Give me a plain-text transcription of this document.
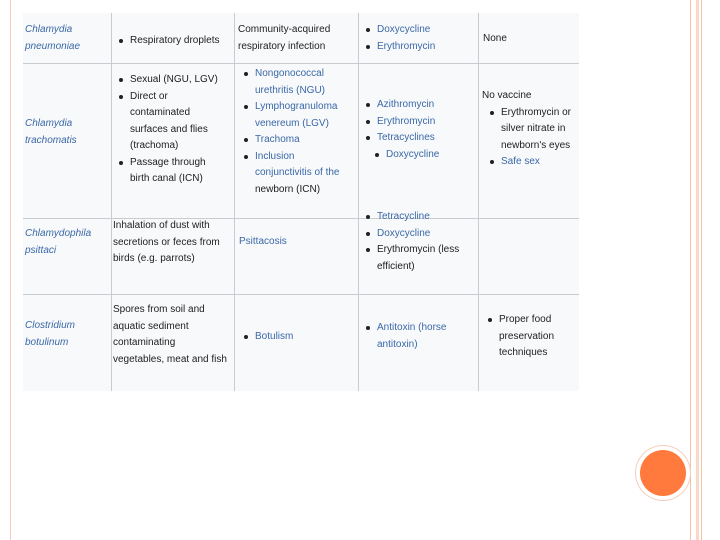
Chlamydia
pneumoniae	Respiratory droplets
Community-acquired
respiratory infection
Doxycycline
Erythromycin
None
Chlamydia
trachomatis
Sexual (NGU, LGV)
Direct or
contaminated
surfaces and flies
(trachoma)
Passage through
birth canal (ICN)
Nongonococcal
urethritis (NGU)
Lymphogranuloma
venereum (LGV)
Trachoma
Inclusion
conjunctivitis of the
newborn (ICN)
Azithromycin
Erythromycin
Tetracyclines
Doxycycline
No vaccine
Erythromycin or
silver nitrate in
newborn's eyes
Safe sex
Chlamydophila
psittaci
Inhalation of dust with
secretions or feces from
birds (e.g. parrots)
Psittacosis
Tetracycline
Doxycycline
Erythromycin (less
efficient)
Clostridium
botulinum
Spores from soil and
aquatic sediment
contaminating
vegetables, meat and fish
Botulism
Antitoxin (horse
antitoxin)
Proper food
preservation
techniques
